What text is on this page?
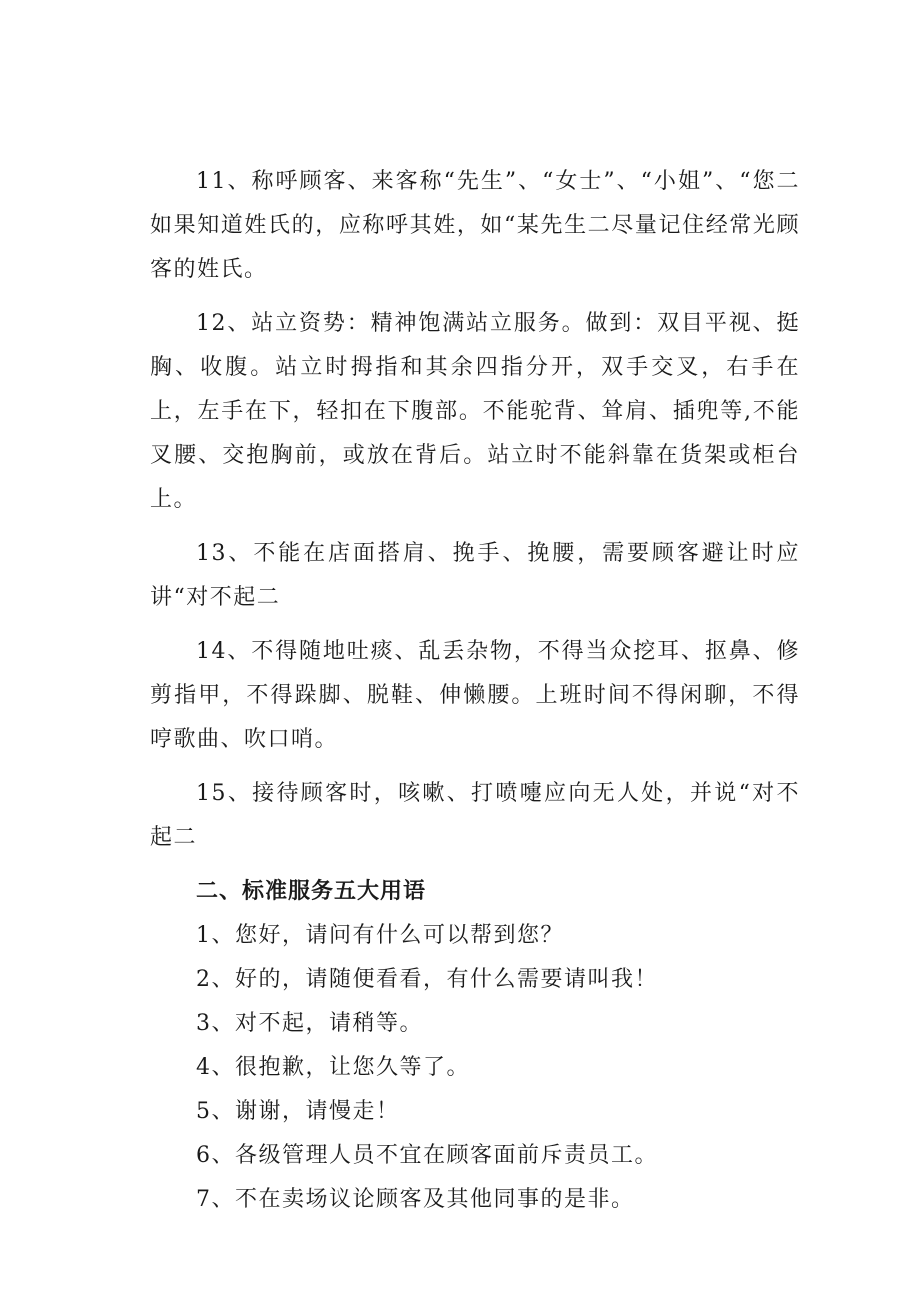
11、称呼顾客、来客称“先生”、“女士”、“小姐”、“您二如果知道姓氏的，应称呼其姓，如“某先生二尽量记住经常光顾客的姓氏。

12、站立资势：精神饱满站立服务。做到：双目平视、挺胸、收腹。站立时拇指和其余四指分开，双手交叉，右手在上，左手在下，轻扣在下腹部。不能驼背、耸肩、插兜等,不能叉腰、交抱胸前，或放在背后。站立时不能斜靠在货架或柜台上。

13、不能在店面搭肩、挽手、挽腰，需要顾客避让时应讲“对不起二

14、不得随地吐痰、乱丢杂物，不得当众挖耳、抠鼻、修剪指甲，不得跺脚、脱鞋、伸懒腰。上班时间不得闲聊，不得哼歌曲、吹口哨。

15、接待顾客时，咳嗽、打喷嚏应向无人处，并说“对不起二

二、标准服务五大用语

1、您好，请问有什么可以帮到您？

2、好的，请随便看看，有什么需要请叫我！

3、对不起，请稍等。

4、很抱歉，让您久等了。

5、谢谢，请慢走！

6、各级管理人员不宜在顾客面前斥责员工。

7、不在卖场议论顾客及其他同事的是非。
